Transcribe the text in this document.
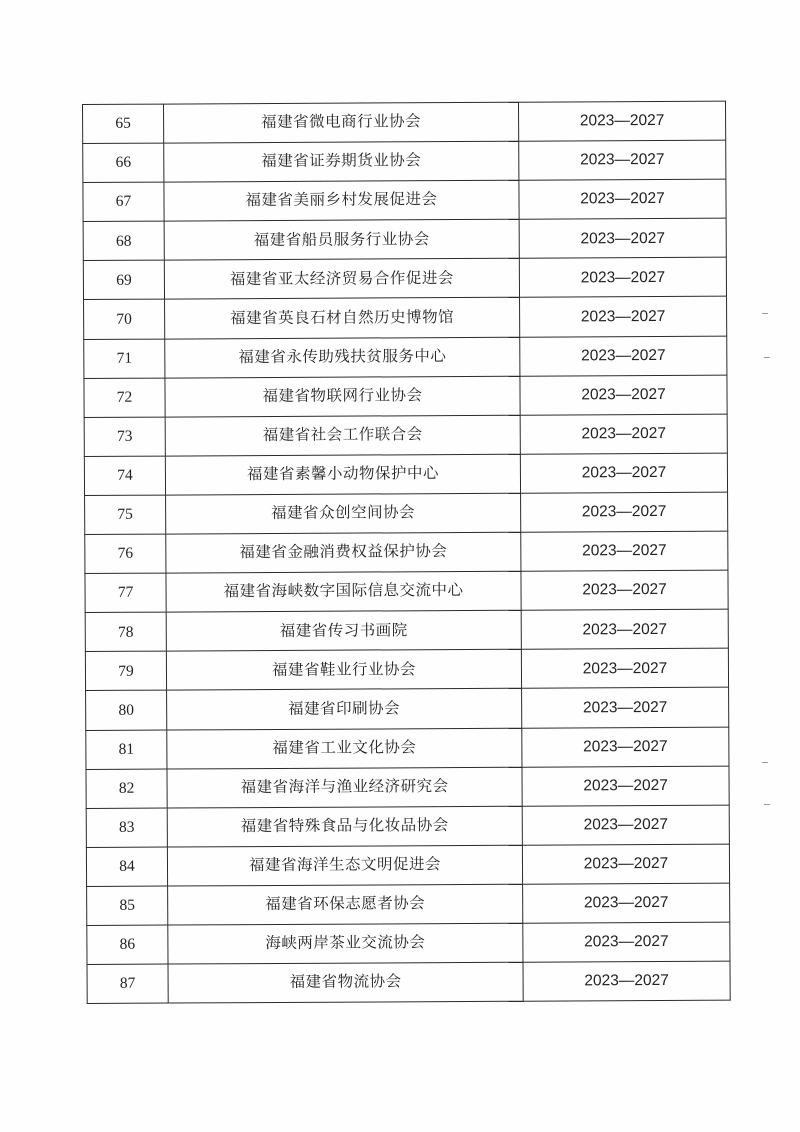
65	福建省微电商行业协会	2023—2027
66	福建省证券期货业协会	2023—2027
67	福建省美丽乡村发展促进会	2023—2027
68	福建省船员服务行业协会	2023—2027
69	福建省亚太经济贸易合作促进会	2023—2027
70	福建省英良石材自然历史博物馆	2023—2027
71	福建省永传助残扶贫服务中心	2023—2027
72	福建省物联网行业协会	2023—2027
73	福建省社会工作联合会	2023—2027
74	福建省素馨小动物保护中心	2023—2027
75	福建省众创空间协会	2023—2027
76	福建省金融消费权益保护协会	2023—2027
77	福建省海峡数字国际信息交流中心	2023—2027
78	福建省传习书画院	2023—2027
79	福建省鞋业行业协会	2023—2027
80	福建省印刷协会	2023—2027
81	福建省工业文化协会	2023—2027
82	福建省海洋与渔业经济研究会	2023—2027
83	福建省特殊食品与化妆品协会	2023—2027
84	福建省海洋生态文明促进会	2023—2027
85	福建省环保志愿者协会	2023—2027
86	海峡两岸茶业交流协会	2023—2027
87	福建省物流协会	2023—2027
